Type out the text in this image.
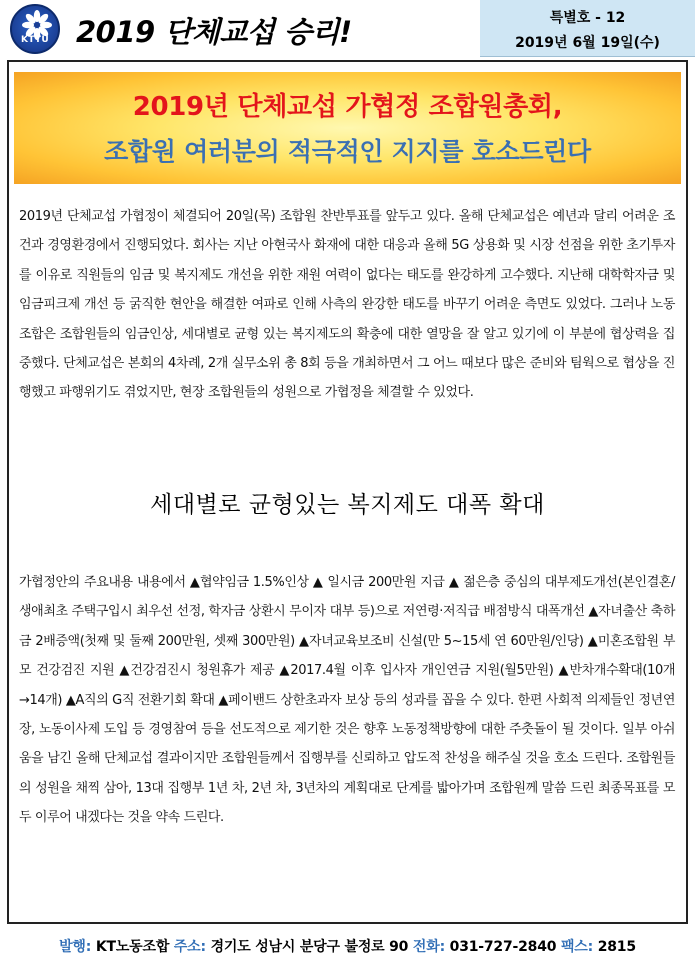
KTTU 2019 단체교섭 승리!	특별호 - 12
2019년 6월 19일(수)
2019년 단체교섭 가협정 조합원총회,
조합원 여러분의 적극적인 지지를 호소드린다

2019년 단체교섭 가협정이 체결되어 20일(목) 조합원 찬반투표를 앞두고 있다. 올해 단체교섭은 예년과 달리 어려운 조건과 경영환경에서 진행되었다. 회사는 지난 아현국사 화재에 대한 대응과 올해 5G 상용화 및 시장 선점을 위한 초기투자를 이유로 직원들의 임금 및 복지제도 개선을 위한 재원 여력이 없다는 태도를 완강하게 고수했다. 지난해 대학학자금 및 임금피크제 개선 등 굵직한 현안을 해결한 여파로 인해 사측의 완강한 태도를 바꾸기 어려운 측면도 있었다. 그러나 노동조합은 조합원들의 임금인상, 세대별로 균형 있는 복지제도의 확충에 대한 열망을 잘 알고 있기에 이 부분에 협상력을 집중했다. 단체교섭은 본회의 4차례, 2개 실무소위 총 8회 등을 개최하면서 그 어느 때보다 많은 준비와 팀웍으로 협상을 진행했고 파행위기도 겪었지만, 현장 조합원들의 성원으로 가협정을 체결할 수 있었다.

세대별로 균형있는 복지제도 대폭 확대

가협정안의 주요내용 내용에서 ▲협약임금 1.5%인상 ▲ 일시금 200만원 지급 ▲ 젊은층 중심의 대부제도개선(본인결혼/생애최초 주택구입시 최우선 선정, 학자금 상환시 무이자 대부 등)으로 저연령·저직급 배점방식 대폭개선 ▲자녀출산 축하금 2배증액(첫째 및 둘째 200만원, 셋째 300만원) ▲자녀교육보조비 신설(만 5~15세 연 60만원/인당) ▲미혼조합원 부모 건강검진 지원 ▲건강검진시 청원휴가 제공 ▲2017.4월 이후 입사자 개인연금 지원(월5만원) ▲반차개수확대(10개→14개) ▲A직의 G직 전환기회 확대 ▲페이밴드 상한초과자 보상 등의 성과를 꼽을 수 있다. 한편 사회적 의제들인 정년연장, 노동이사제 도입 등 경영참여 등을 선도적으로 제기한 것은 향후 노동정책방향에 대한 주춧돌이 될 것이다. 일부 아쉬움을 남긴 올해 단체교섭 결과이지만 조합원들께서 집행부를 신뢰하고 압도적 찬성을 해주실 것을 호소 드린다. 조합원들의 성원을 채찍 삼아, 13대 집행부 1년 차, 2년 차, 3년차의 계획대로 단계를 밟아가며 조합원께 말씀 드린 최종목표를 모두 이루어 내겠다는 것을 약속 드린다.

발행: KT노동조합 주소: 경기도 성남시 분당구 불정로 90 전화: 031-727-2840 팩스: 2815
